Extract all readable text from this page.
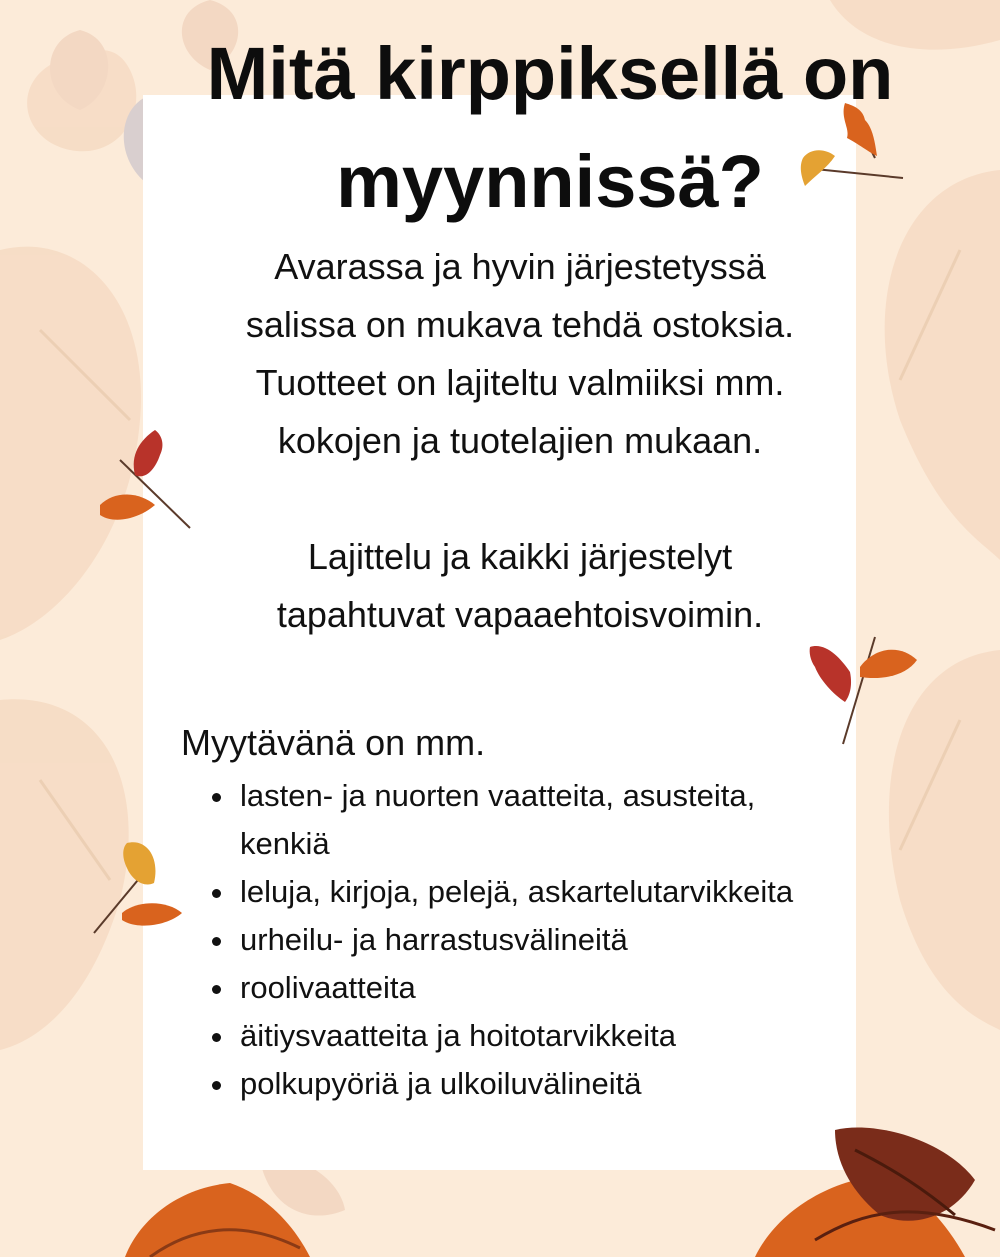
Mitä kirppiksellä on
myynnissä?
Avarassa ja hyvin järjestetyssä
salissa on mukava tehdä ostoksia.
Tuotteet on lajiteltu valmiiksi mm.
kokojen ja tuotelajien mukaan.
Lajittelu ja kaikki järjestelyt
tapahtuvat vapaaehtoisvoimin.
Myytävänä on mm.
lasten- ja nuorten vaatteita, asusteita, kenkiä
leluja, kirjoja, pelejä, askartelutarvikkeita
urheilu- ja harrastusvälineitä
roolivaatteita
äitiysvaatteita ja hoitotarvikkeita
polkupyöriä ja ulkoiluvälineitä
